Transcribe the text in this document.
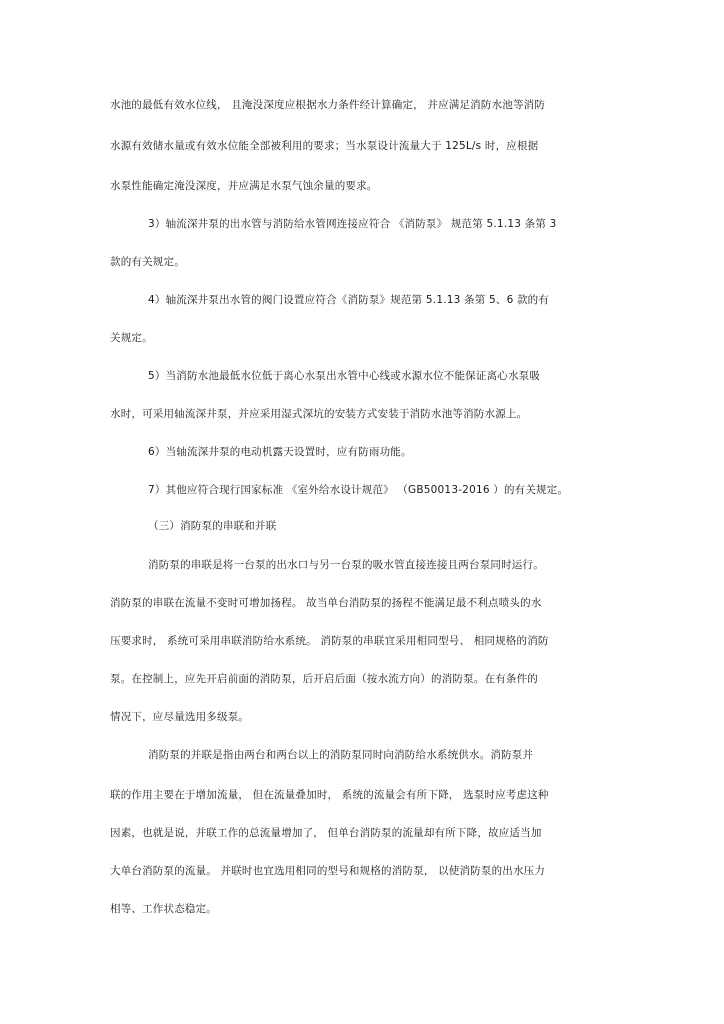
水池的最低有效水位线， 且淹没深度应根据水力条件经计算确定， 并应满足消防水池等消防
水源有效储水量或有效水位能全部被利用的要求；当水泵设计流量大于 125L/s 时，应根据
水泵性能确定淹没深度，并应满足水泵气蚀余量的要求。
3）轴流深井泵的出水管与消防给水管网连接应符合 《消防泵》 规范第 5.1.13 条第 3
款的有关规定。
4）轴流深井泵出水管的阀门设置应符合《消防泵》规范第 5.1.13 条第 5、6 款的有
关规定。
5）当消防水池最低水位低于离心水泵出水管中心线或水源水位不能保证离心水泵吸
水时，可采用轴流深井泵，并应采用湿式深坑的安装方式安装于消防水池等消防水源上。
6）当轴流深井泵的电动机露天设置时，应有防雨功能。
7）其他应符合现行国家标准 《室外给水设计规范》 （GB50013-2016 ）的有关规定。
（三）消防泵的串联和并联
消防泵的串联是将一台泵的出水口与另一台泵的吸水管直接连接且两台泵同时运行。
消防泵的串联在流量不变时可增加扬程。 故当单台消防泵的扬程不能满足最不利点喷头的水
压要求时， 系统可采用串联消防给水系统。 消防泵的串联宜采用相同型号、 相同规格的消防
泵。在控制上，应先开启前面的消防泵，后开启后面（按水流方向）的消防泵。在有条件的
情况下，应尽量选用多级泵。
消防泵的并联是指由两台和两台以上的消防泵同时向消防给水系统供水。消防泵并
联的作用主要在于增加流量， 但在流量叠加时， 系统的流量会有所下降， 选泵时应考虑这种
因素，也就是说，并联工作的总流量增加了， 但单台消防泵的流量却有所下降，故应适当加
大单台消防泵的流量。 并联时也宜选用相同的型号和规格的消防泵， 以使消防泵的出水压力
相等、工作状态稳定。
